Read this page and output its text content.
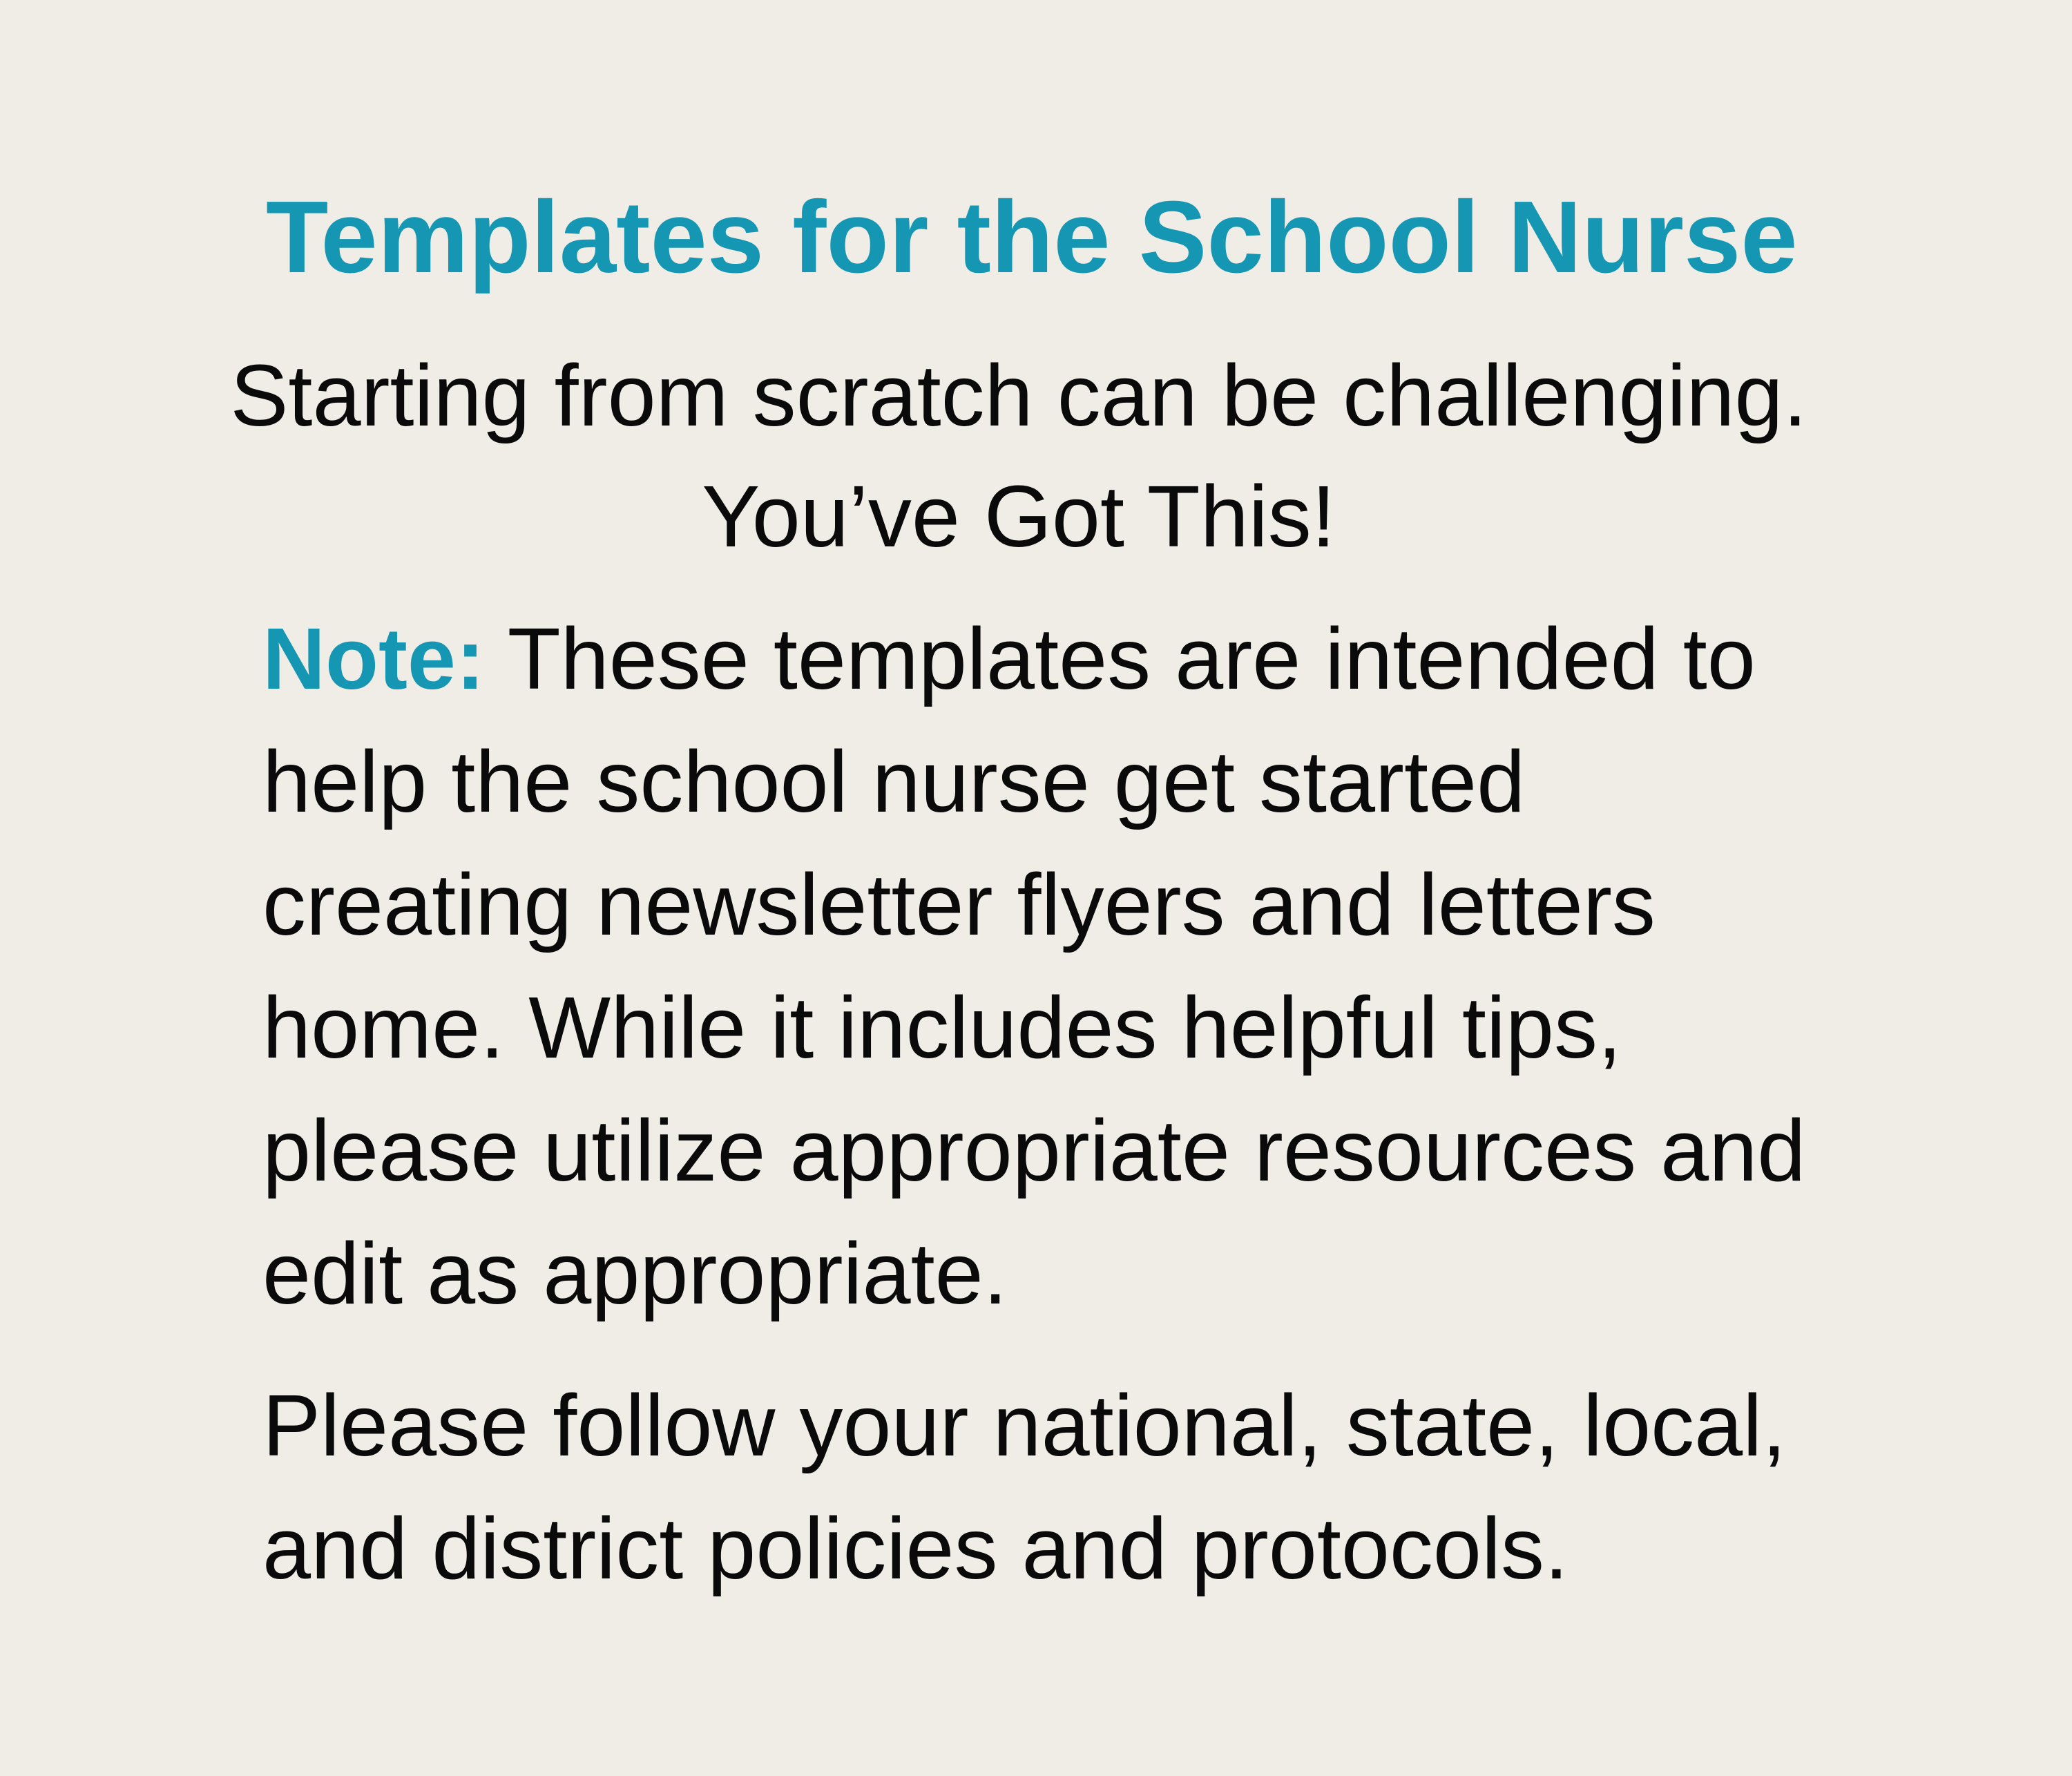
Templates for the School Nurse
Starting from scratch can be challenging.
You’ve Got This!
Note: These templates are intended to
help the school nurse get started
creating newsletter flyers and letters
home. While it includes helpful tips,
please utilize appropriate resources and
edit as appropriate.
Please follow your national, state, local,
and district policies and protocols.
